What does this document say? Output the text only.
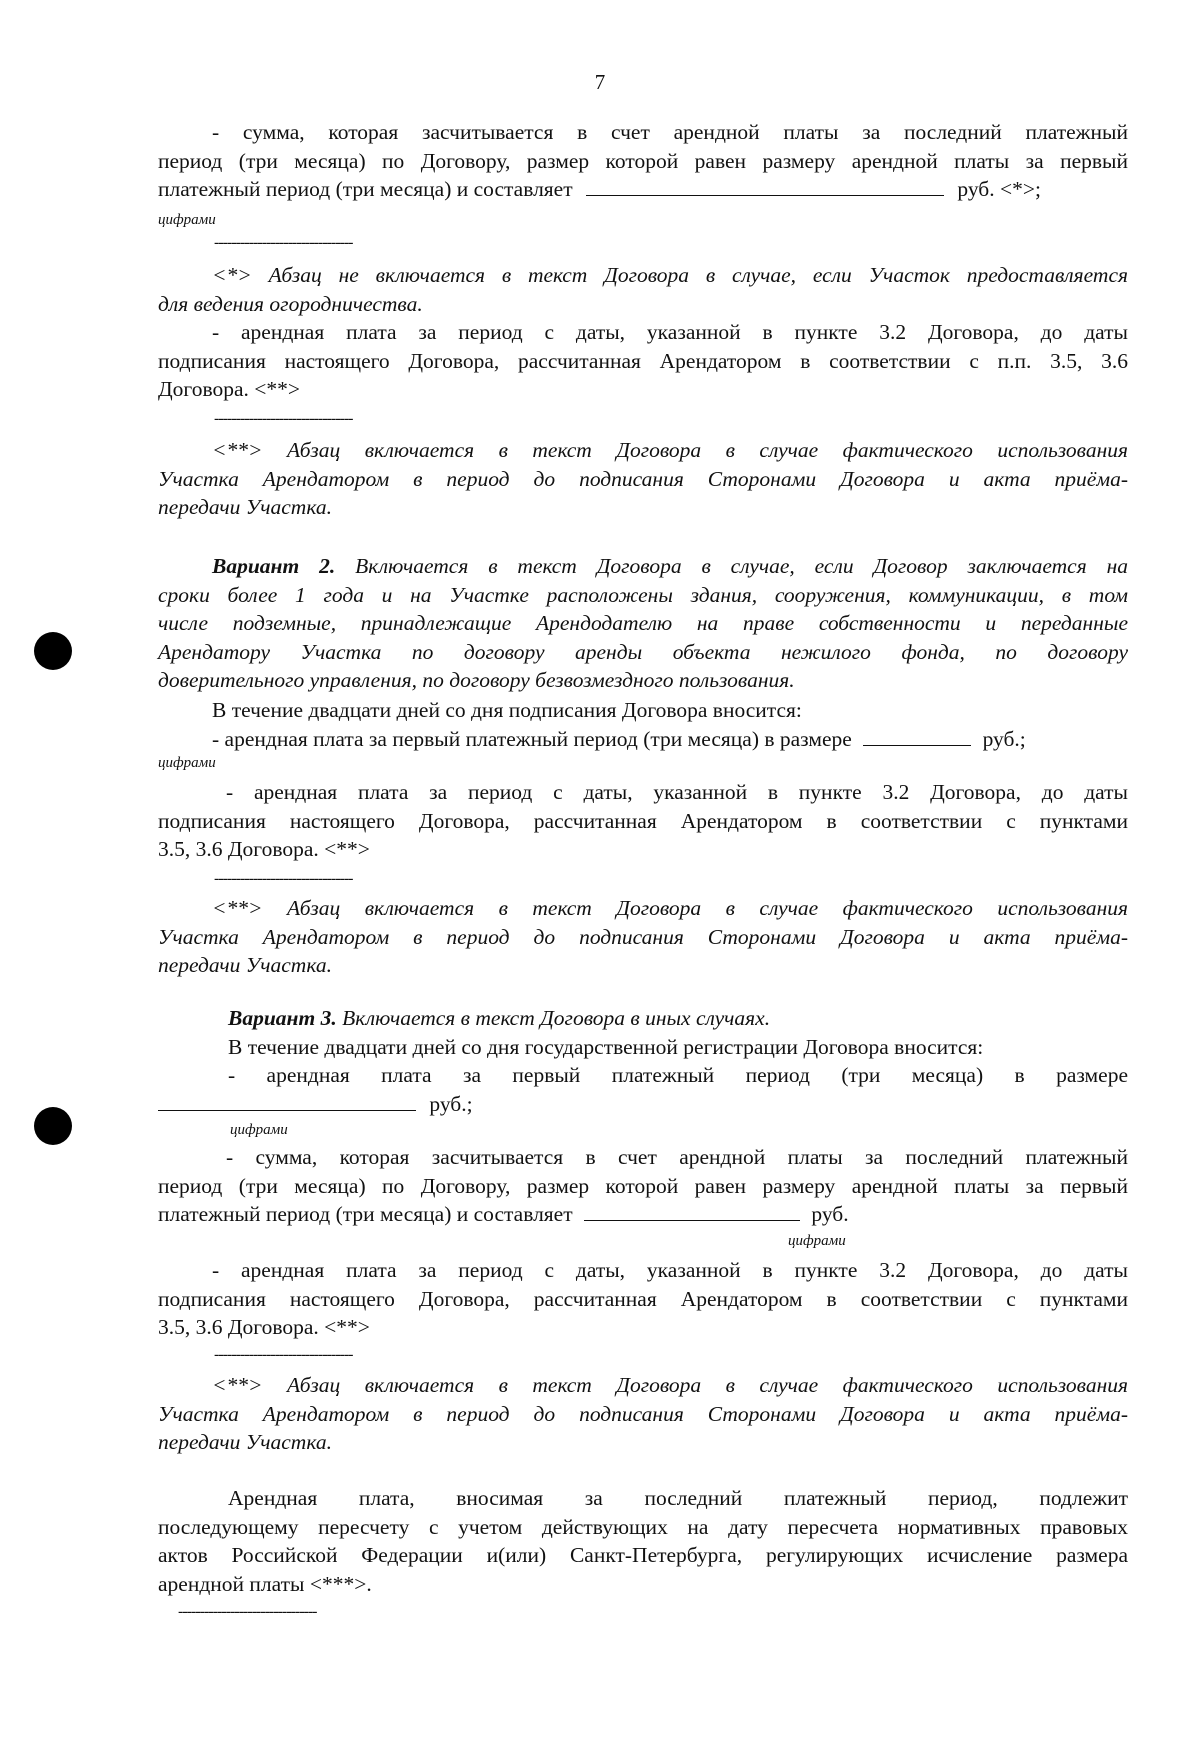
7
- сумма, которая засчитывается в счет арендной платы за последний платежный
период (три месяца) по Договору, размер которой равен размеру арендной платы за первый
платежный период (три месяца) и составляет	руб. <*>;
цифрами
--------------------------------
<*> Абзац не включается в текст Договора в случае, если Участок предоставляется
для ведения огородничества.
- арендная плата за период с даты, указанной в пункте 3.2 Договора, до даты
подписания настоящего Договора, рассчитанная Арендатором в соответствии с п.п. 3.5, 3.6
Договора. <**>
--------------------------------
<**> Абзац включается в текст Договора в случае фактического использования
Участка Арендатором в период до подписания Сторонами Договора и акта приёма-
передачи Участка.
Вариант 2. Включается в текст Договора в случае, если Договор заключается на
сроки более 1 года и на Участке расположены здания, сооружения, коммуникации, в том
числе подземные, принадлежащие Арендодателю на праве собственности и переданные
Арендатору Участка по договору аренды объекта нежилого фонда, по договору
доверительного управления, по договору безвозмездного пользования.
В течение двадцати дней со дня подписания Договора вносится:
- арендная плата за первый платежный период (три месяца) в размере	руб.;
цифрами
- арендная плата за период с даты, указанной в пункте 3.2 Договора, до даты
подписания настоящего Договора, рассчитанная Арендатором в соответствии с пунктами
3.5, 3.6 Договора. <**>
--------------------------------
<**> Абзац включается в текст Договора в случае фактического использования
Участка Арендатором в период до подписания Сторонами Договора и акта приёма-
передачи Участка.
Вариант 3. Включается в текст Договора в иных случаях.
В течение двадцати дней со дня государственной регистрации Договора вносится:
- арендная плата за первый платежный период (три месяца) в размере
руб.;
цифрами
- сумма, которая засчитывается в счет арендной платы за последний платежный
период (три месяца) по Договору, размер которой равен размеру арендной платы за первый
платежный период (три месяца) и составляет	руб.
цифрами
- арендная плата за период с даты, указанной в пункте 3.2 Договора, до даты
подписания настоящего Договора, рассчитанная Арендатором в соответствии с пунктами
3.5, 3.6 Договора. <**>
--------------------------------
<**> Абзац включается в текст Договора в случае фактического использования
Участка Арендатором в период до подписания Сторонами Договора и акта приёма-
передачи Участка.
Арендная плата, вносимая за последний платежный период, подлежит
последующему пересчету с учетом действующих на дату пересчета нормативных правовых
актов Российской Федерации и(или) Санкт-Петербурга, регулирующих исчисление размера
арендной платы <***>.
--------------------------------
